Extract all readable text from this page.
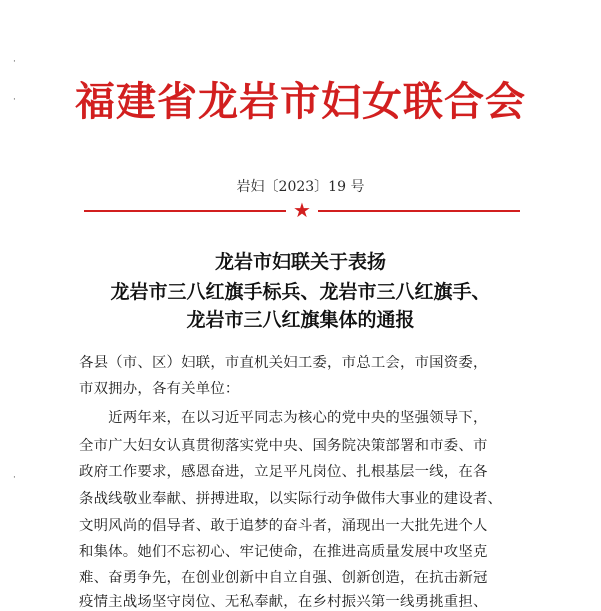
·
·
·
福建省龙岩市妇女联合会
岩妇〔2023〕19 号
★
龙岩市妇联关于表扬
龙岩市三八红旗手标兵、龙岩市三八红旗手、
龙岩市三八红旗集体的通报
各县（市、区）妇联，市直机关妇工委，市总工会，市国资委，
市双拥办，各有关单位：
　　近两年来，在以习近平同志为核心的党中央的坚强领导下，
全市广大妇女认真贯彻落实党中央、国务院决策部署和市委、市
政府工作要求，感恩奋进，立足平凡岗位、扎根基层一线，在各
条战线敬业奉献、拼搏进取，以实际行动争做伟大事业的建设者、
文明风尚的倡导者、敢于追梦的奋斗者，涌现出一大批先进个人
和集体。她们不忘初心、牢记使命，在推进高质量发展中攻坚克
难、奋勇争先，在创业创新中自立自强、创新创造，在抗击新冠
疫情主战场坚守岗位、无私奉献，在乡村振兴第一线勇挑重担、
